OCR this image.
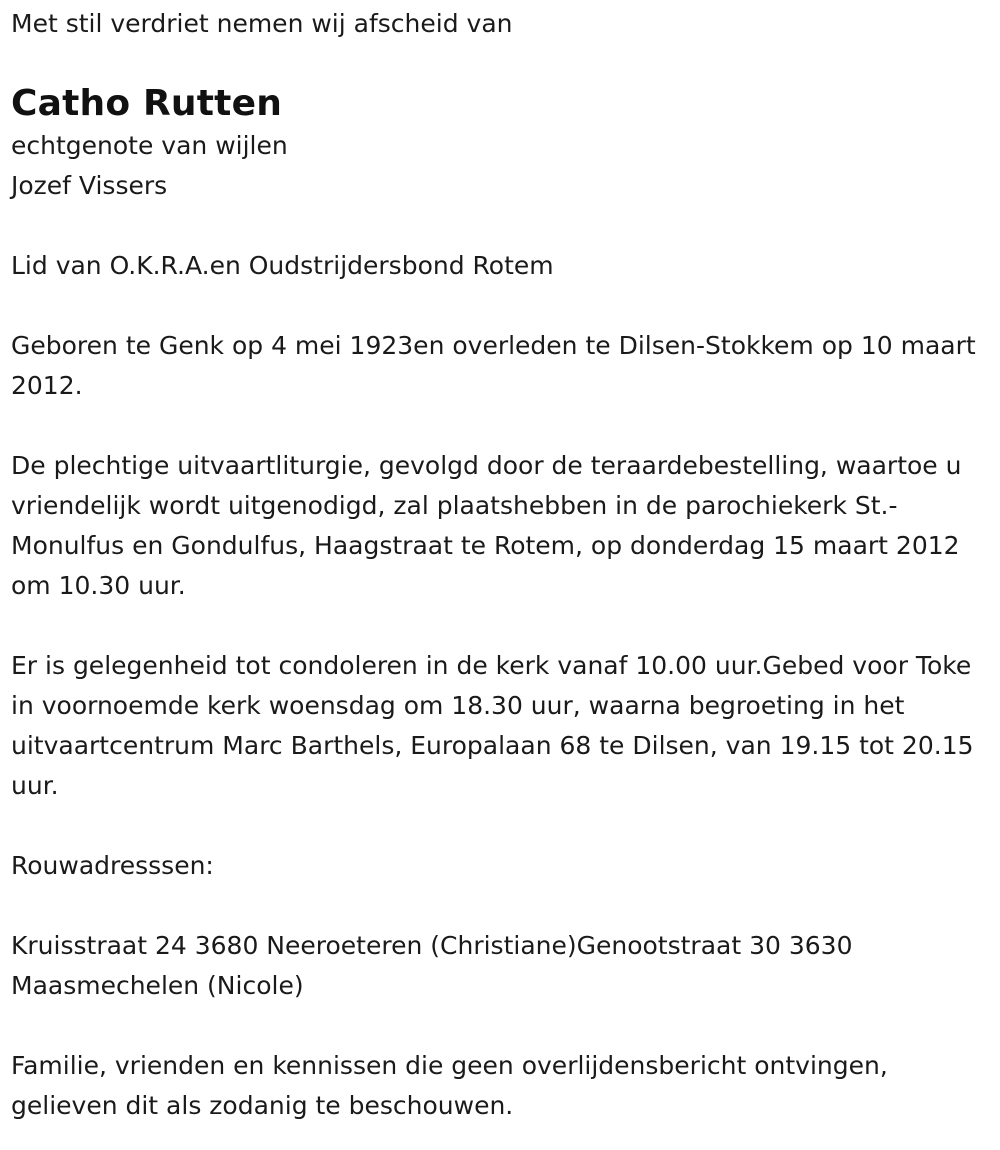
Met stil verdriet nemen wij afscheid van

Catho Rutten

echtgenote van wijlen
Jozef Vissers

Lid van O.K.R.A.en Oudstrijdersbond Rotem

Geboren te Genk op 4 mei 1923en overleden te Dilsen-Stokkem op 10 maart 2012.

De plechtige uitvaartliturgie, gevolgd door de teraardebestelling, waartoe u vriendelijk wordt uitgenodigd, zal plaatshebben in de parochiekerk St.-Monulfus en Gondulfus, Haagstraat te Rotem, op donderdag 15 maart 2012 om 10.30 uur.

Er is gelegenheid tot condoleren in de kerk vanaf 10.00 uur.Gebed voor Toke in voornoemde kerk woensdag om 18.30 uur, waarna begroeting in het uitvaartcentrum Marc Barthels, Europalaan 68 te Dilsen, van 19.15 tot 20.15 uur.

Rouwadresssen:

Kruisstraat 24 3680 Neeroeteren (Christiane)Genootstraat 30 3630 Maasmechelen (Nicole)

Familie, vrienden en kennissen die geen overlijdensbericht ontvingen, gelieven dit als zodanig te beschouwen.
